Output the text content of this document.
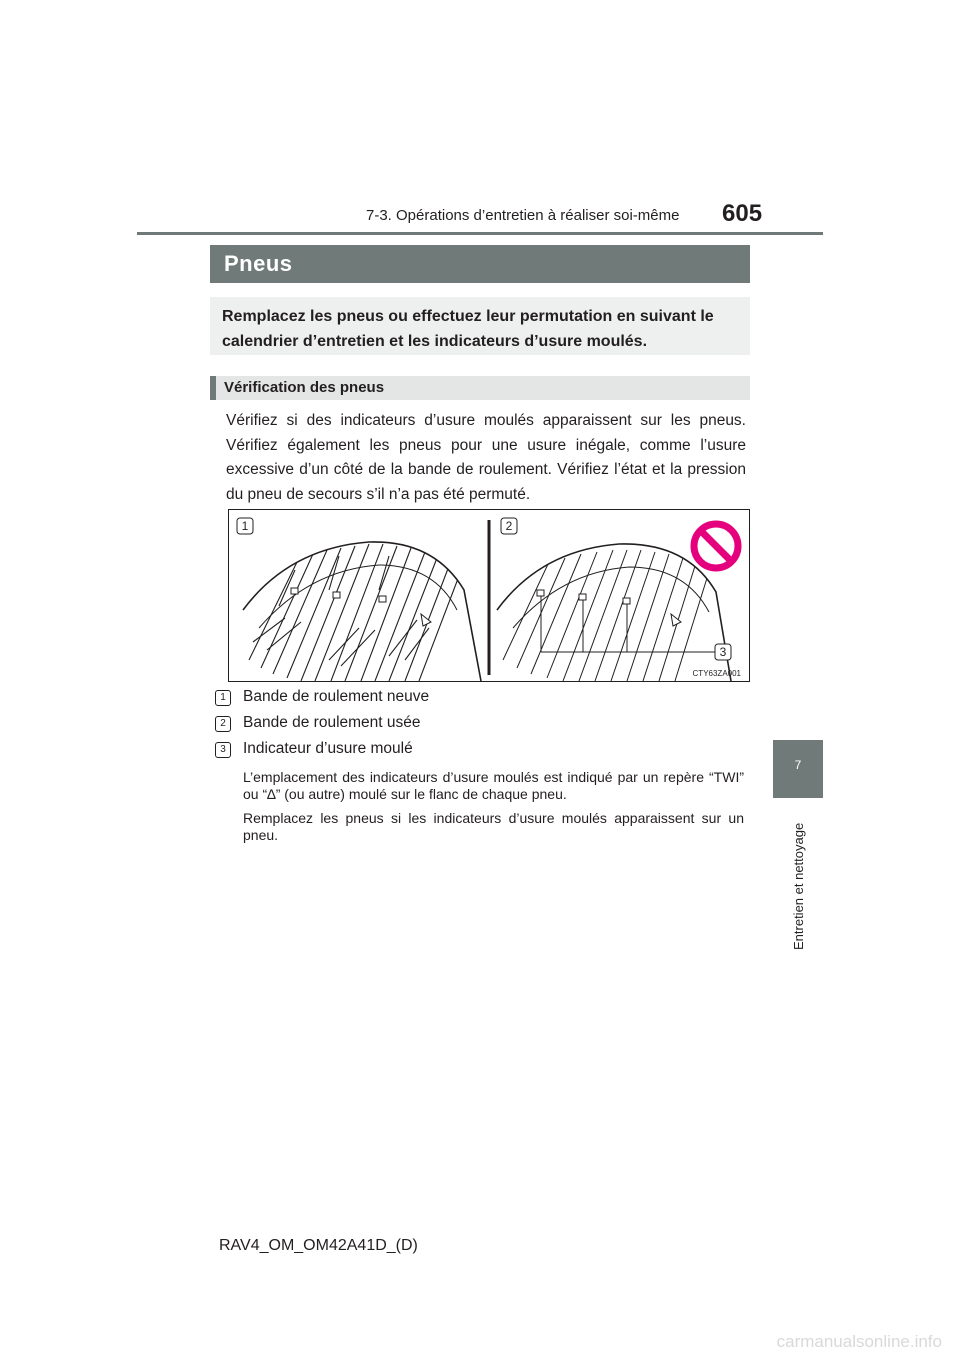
7-3. Opérations d’entretien à réaliser soi-même 605
Pneus
Remplacez les pneus ou effectuez leur permutation en suivant le calendrier d’entretien et les indicateurs d’usure moulés.
Vérification des pneus
Vérifiez si des indicateurs d’usure moulés apparaissent sur les pneus. Vérifiez également les pneus pour une usure inégale, comme l’usure excessive d’un côté de la bande de roulement. Vérifiez l’état et la pression du pneu de secours s’il n’a pas été permuté.
1	2
3
CTY63ZA001
1 Bande de roulement neuve
2 Bande de roulement usée
3 Indicateur d’usure moulé
L’emplacement des indicateurs d’usure moulés est indiqué par un repère “TWI” ou “∆” (ou autre) moulé sur le flanc de chaque pneu.
Remplacez les pneus si les indicateurs d’usure moulés apparaissent sur un pneu.
7
Entretien et nettoyage
RAV4_OM_OM42A41D_(D)
carmanualsonline.info
